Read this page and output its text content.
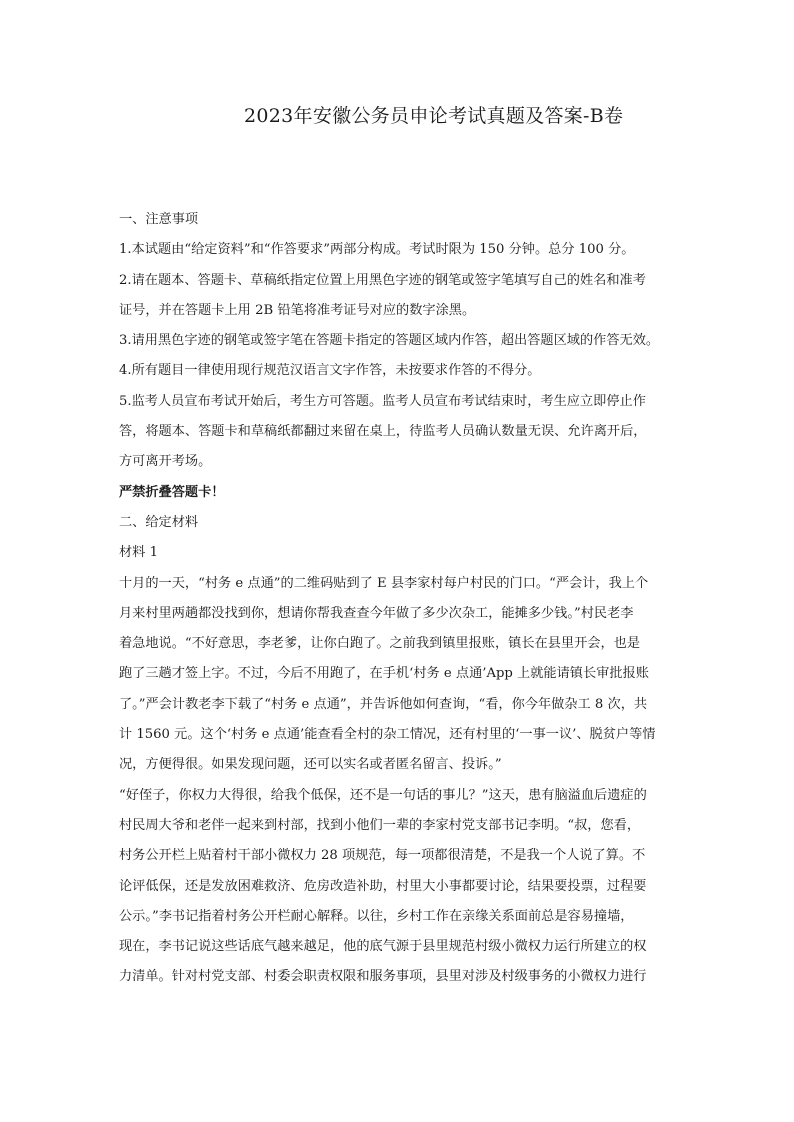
2023年安徽公务员申论考试真题及答案-B卷
一、注意事项
1.本试题由“给定资料”和“作答要求”两部分构成。考试时限为 150 分钟。总分 100 分。
2.请在题本、答题卡、草稿纸指定位置上用黑色字迹的钢笔或签字笔填写自己的姓名和准考
证号，并在答题卡上用 2B 铅笔将准考证号对应的数字涂黑。
3.请用黑色字迹的钢笔或签字笔在答题卡指定的答题区域内作答，超出答题区域的作答无效。
4.所有题目一律使用现行规范汉语言文字作答，未按要求作答的不得分。
5.监考人员宣布考试开始后，考生方可答题。监考人员宣布考试结束时，考生应立即停止作
答，将题本、答题卡和草稿纸都翻过来留在桌上，待监考人员确认数量无误、允许离开后，
方可离开考场。
严禁折叠答题卡！
二、给定材料
材料 1
十月的一天，“村务 e 点通”的二维码贴到了 E 县李家村每户村民的门口。“严会计，我上个
月来村里两趟都没找到你，想请你帮我查查今年做了多少次杂工，能摊多少钱。”村民老李
着急地说。“不好意思，李老爹，让你白跑了。之前我到镇里报账，镇长在县里开会，也是
跑了三趟才签上字。不过，今后不用跑了，在手机‘村务 e 点通’App 上就能请镇长审批报账
了。”严会计教老李下载了“村务 e 点通”，并告诉他如何查询，“看，你今年做杂工 8 次，共
计 1560 元。这个‘村务 e 点通’能查看全村的杂工情况，还有村里的‘一事一议’、脱贫户等情
况，方便得很。如果发现问题，还可以实名或者匿名留言、投诉。”
“好侄子，你权力大得很，给我个低保，还不是一句话的事儿？”这天，患有脑溢血后遗症的
村民周大爷和老伴一起来到村部，找到小他们一辈的李家村党支部书记李明。“叔，您看，
村务公开栏上贴着村干部小微权力 28 项规范，每一项都很清楚，不是我一个人说了算。不
论评低保，还是发放困难救济、危房改造补助，村里大小事都要讨论，结果要投票，过程要
公示。”李书记指着村务公开栏耐心解释。以往，乡村工作在亲缘关系面前总是容易撞墙，
现在，李书记说这些话底气越来越足，他的底气源于县里规范村级小微权力运行所建立的权
力清单。针对村党支部、村委会职责权限和服务事项，县里对涉及村级事务的小微权力进行
